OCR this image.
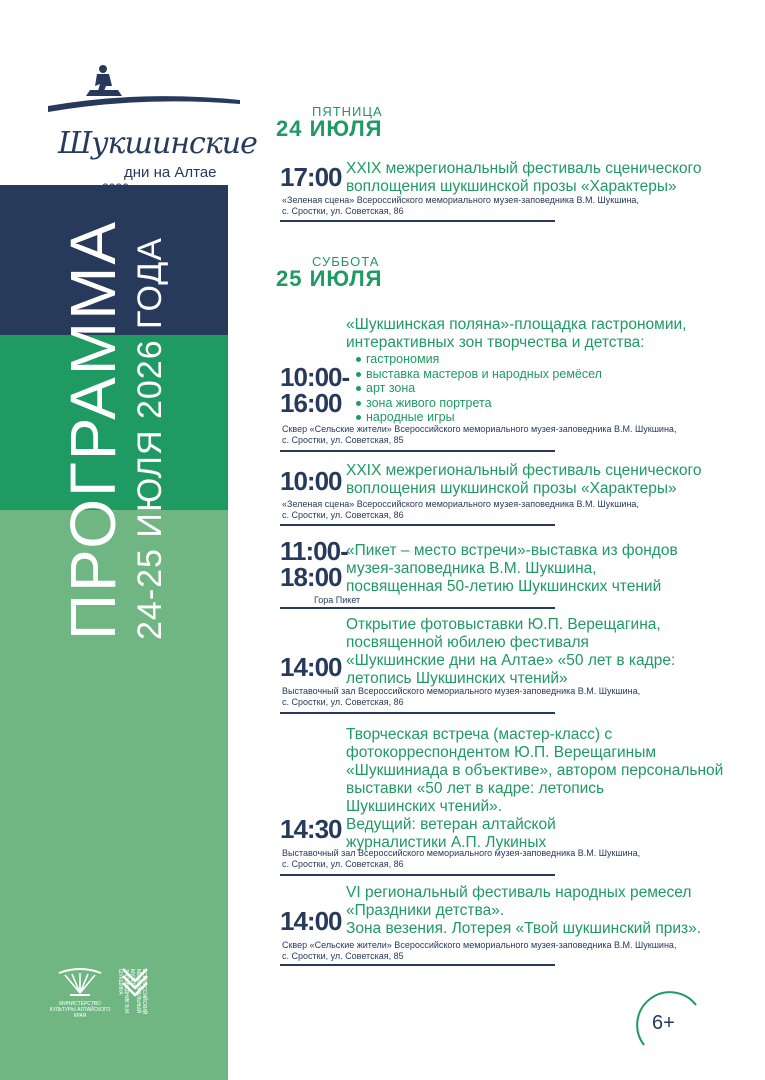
ПРОГРАММА 24-25 ИЮЛЯ 2026 ГОДА
МИНИСТЕРСТВО КУЛЬТУРЫ АЛТАЙСКОГО КРАЯ
ВСЕРОССИЙСКИЙ МЕМОРИАЛЬНЫЙ МУЗЕЙ-ЗАПОВЕДНИК В.М. ШУКШИНА
Шукшинские
дни на Алтае
2026
ПЯТНИЦА
24 ИЮЛЯ
17:00 XXIX межрегиональный фестиваль сценического
воплощения шукшинской прозы «Характеры»
«Зеленая сцена» Всероссийского мемориального музея-заповедника В.М. Шукшина,
с. Сростки, ул. Советская, 86
СУББОТА
25 ИЮЛЯ
10:00-
16:00
«Шукшинская поляна»-площадка гастрономии,
интерактивных зон творчества и детства:
гастрономия
выставка мастеров и народных ремёсел
арт зона
зона живого портрета
народные игры
Сквер «Сельские жители» Всероссийского мемориального музея-заповедника В.М. Шукшина,
с. Сростки, ул. Советская, 85
10:00 XXIX межрегиональный фестиваль сценического
воплощения шукшинской прозы «Характеры»
«Зеленая сцена» Всероссийского мемориального музея-заповедника В.М. Шукшина,
с. Сростки, ул. Советская, 86
11:00-
18:00
«Пикет – место встречи»-выставка из фондов
музея-заповедника В.М. Шукшина,
посвященная 50-летию Шукшинских чтений
Гора Пикет
14:00
Открытие фотовыставки Ю.П. Верещагина,
посвященной юбилею фестиваля
«Шукшинские дни на Алтае» «50 лет в кадре:
летопись Шукшинских чтений»
Выставочный зал Всероссийского мемориального музея-заповедника В.М. Шукшина,
с. Сростки, ул. Советская, 86
14:30
Творческая встреча (мастер-класс) с
фотокорреспондентом Ю.П. Верещагиным
«Шукшиниада в объективе», автором персональной
выставки «50 лет в кадре: летопись
Шукшинских чтений».
Ведущий: ветеран алтайской
журналистики А.П. Лукиных
Выставочный зал Всероссийского мемориального музея-заповедника В.М. Шукшина,
с. Сростки, ул. Советская, 86
14:00
VI региональный фестиваль народных ремесел
«Праздники детства».
Зона везения. Лотерея «Твой шукшинский приз».
Сквер «Сельские жители» Всероссийского мемориального музея-заповедника В.М. Шукшина,
с. Сростки, ул. Советская, 85
6+
